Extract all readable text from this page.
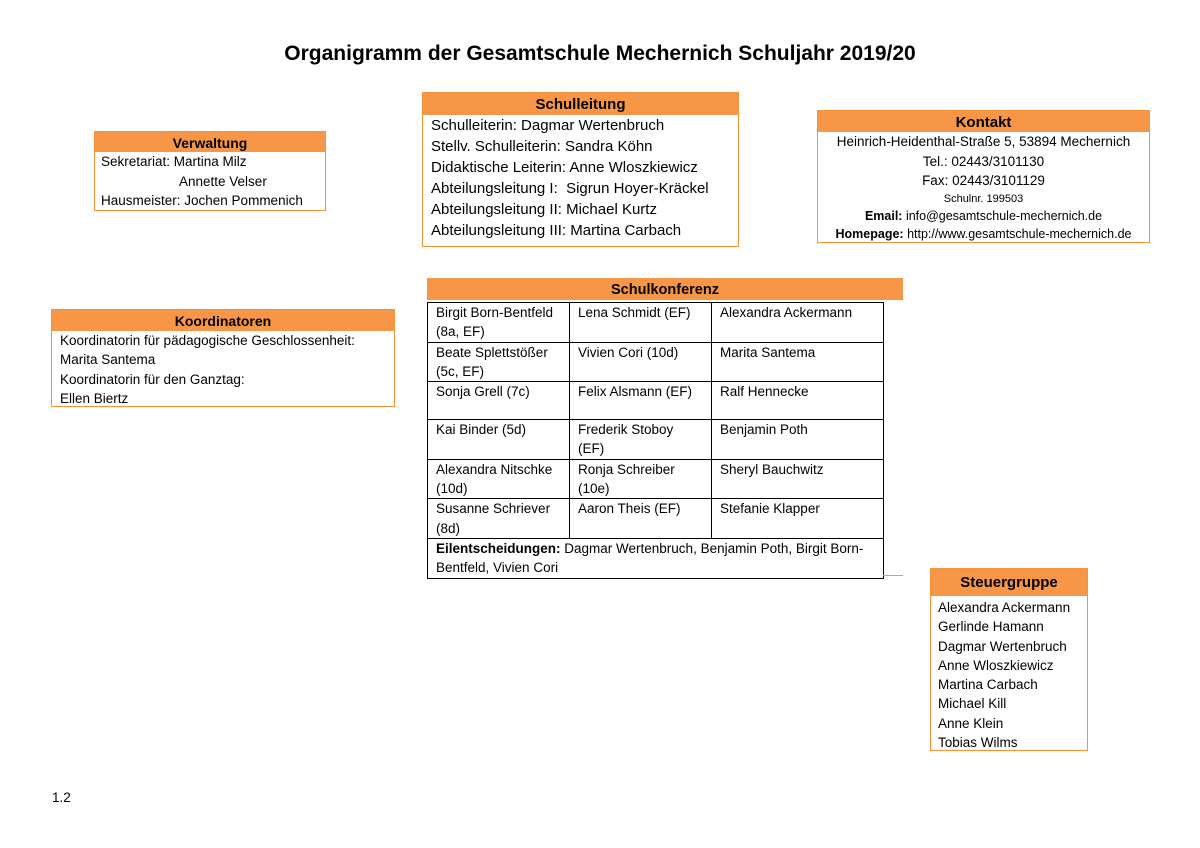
Organigramm der Gesamtschule Mechernich Schuljahr 2019/20
Verwaltung
Sekretariat: Martina Milz
Annette Velser
Hausmeister: Jochen Pommenich
Schulleitung
Schulleiterin: Dagmar Wertenbruch
Stellv. Schulleiterin: Sandra Köhn
Didaktische Leiterin: Anne Wloszkiewicz
Abteilungsleitung I:  Sigrun Hoyer-Kräckel
Abteilungsleitung II: Michael Kurtz
Abteilungsleitung III: Martina Carbach
Kontakt
Heinrich-Heidenthal-Straße 5, 53894 Mechernich
Tel.: 02443/3101130
Fax: 02443/3101129
Schulnr. 199503
Email: info@gesamtschule-mechernich.de
Homepage: http://www.gesamtschule-mechernich.de
Koordinatoren
Koordinatorin für pädagogische Geschlossenheit:
Marita Santema
Koordinatorin für den Ganztag:
Ellen Biertz
Schulkonferenz
Birgit Born-Bentfeld (8a, EF)	Lena Schmidt (EF)	Alexandra Ackermann
Beate Splettstößer (5c, EF)	Vivien Cori (10d)	Marita Santema
Sonja Grell (7c)	Felix Alsmann (EF)	Ralf Hennecke
Kai Binder (5d)	Frederik Stoboy (EF)	Benjamin Poth
Alexandra Nitschke (10d)	Ronja Schreiber (10e)	Sheryl Bauchwitz
Susanne Schriever (8d)	Aaron Theis (EF)	Stefanie Klapper
Eilentscheidungen: Dagmar Wertenbruch, Benjamin Poth, Birgit Born-Bentfeld, Vivien Cori		
Steuergruppe
Alexandra Ackermann
Gerlinde Hamann
Dagmar Wertenbruch
Anne Wloszkiewicz
Martina Carbach
Michael Kill
Anne Klein
Tobias Wilms
1.2
